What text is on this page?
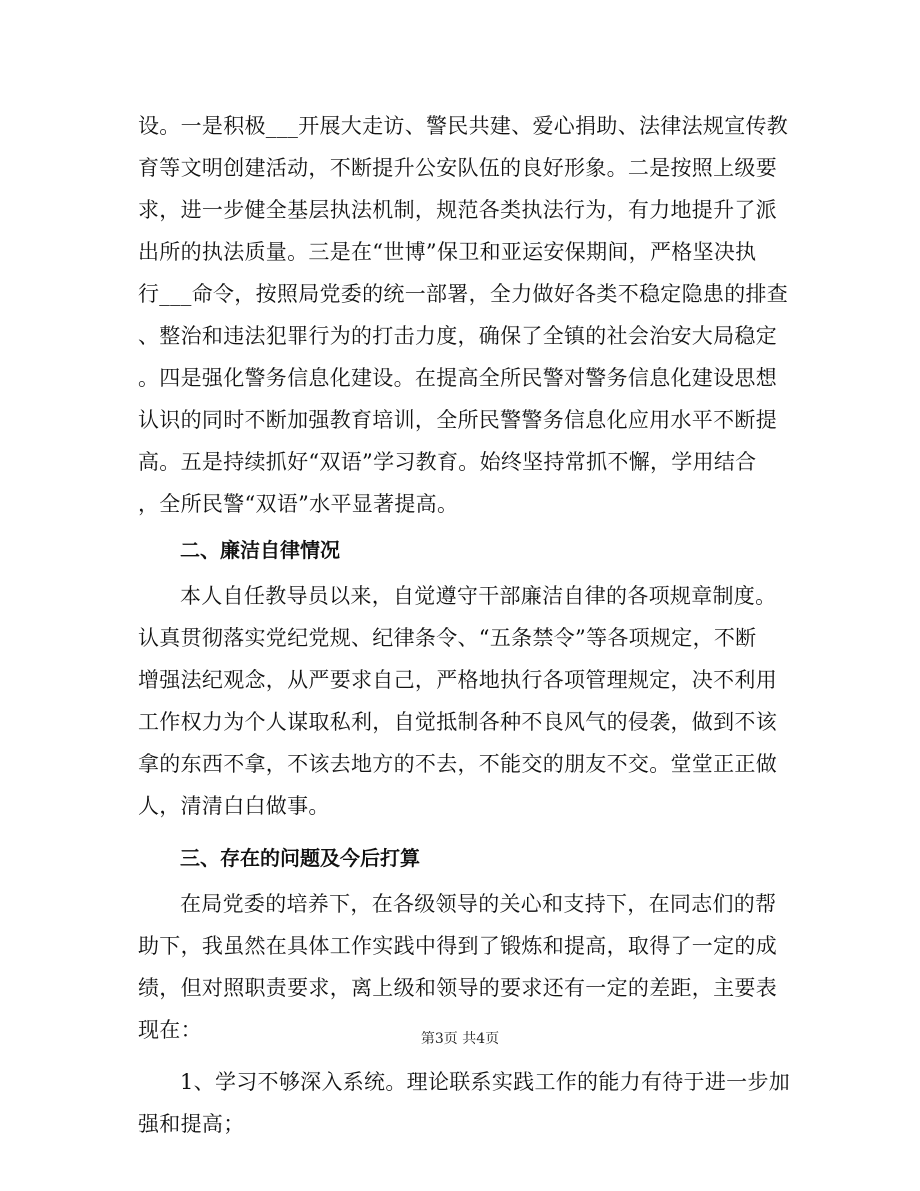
设。一是积极___开展大走访、警民共建、爱心捐助、法律法规宣传教
育等文明创建活动，不断提升公安队伍的良好形象。二是按照上级要
求，进一步健全基层执法机制，规范各类执法行为，有力地提升了派
出所的执法质量。三是在“世博”保卫和亚运安保期间，严格坚决执
行___命令，按照局党委的统一部署，全力做好各类不稳定隐患的排查
、整治和违法犯罪行为的打击力度，确保了全镇的社会治安大局稳定
。四是强化警务信息化建设。在提高全所民警对警务信息化建设思想
认识的同时不断加强教育培训，全所民警警务信息化应用水平不断提
高。五是持续抓好“双语”学习教育。始终坚持常抓不懈，学用结合
，全所民警“双语”水平显著提高。
二、廉洁自律情况
本人自任教导员以来，自觉遵守干部廉洁自律的各项规章制度。
认真贯彻落实党纪党规、纪律条令、“五条禁令”等各项规定，不断
增强法纪观念，从严要求自己，严格地执行各项管理规定，决不利用
工作权力为个人谋取私利，自觉抵制各种不良风气的侵袭，做到不该
拿的东西不拿，不该去地方的不去，不能交的朋友不交。堂堂正正做
人，清清白白做事。
三、存在的问题及今后打算
在局党委的培养下，在各级领导的关心和支持下，在同志们的帮
助下，我虽然在具体工作实践中得到了锻炼和提高，取得了一定的成
绩，但对照职责要求，离上级和领导的要求还有一定的差距，主要表
现在：
1、学习不够深入系统。理论联系实践工作的能力有待于进一步加
强和提高；
第3页 共4页
